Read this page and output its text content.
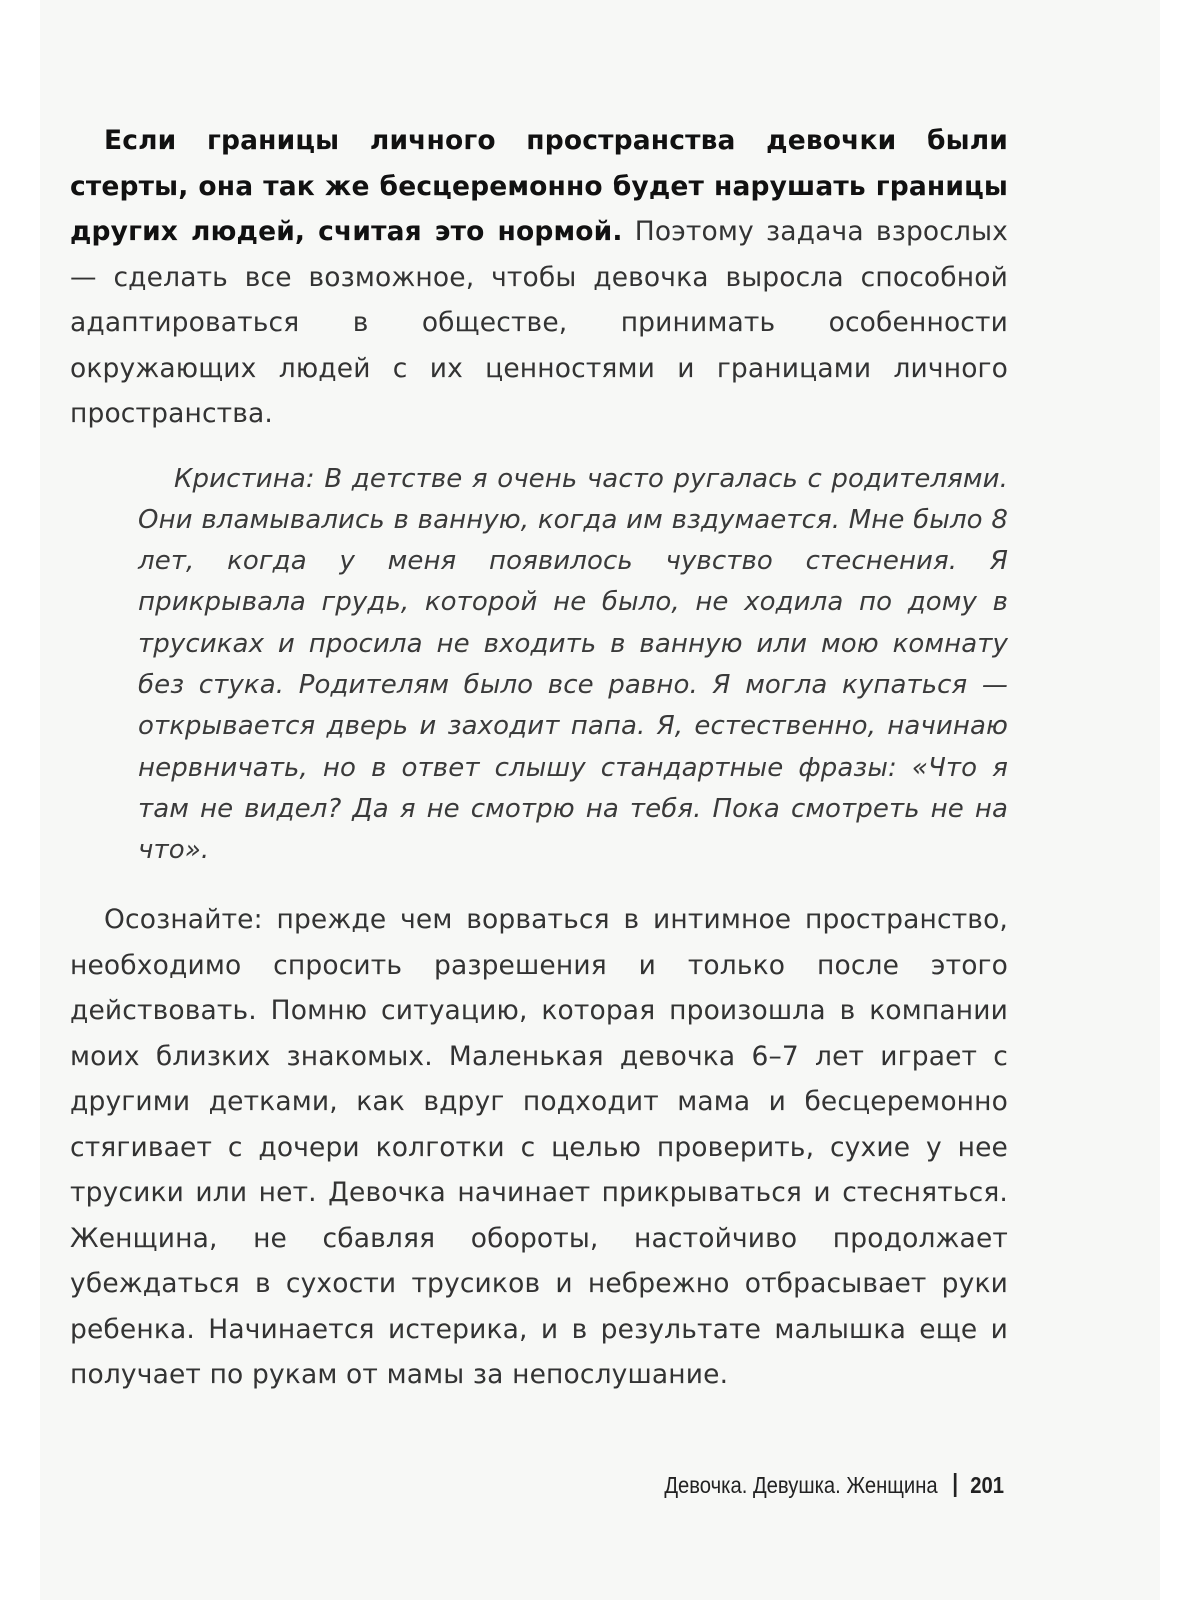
Если границы личного пространства девочки были стерты, она так же бесцеремонно будет нарушать границы других людей, считая это нормой. Поэтому задача взрослых — сделать все возможное, чтобы девочка выросла способной адаптироваться в обществе, принимать особенности окружающих людей с их ценностями и границами личного пространства.

Кристина: В детстве я очень часто ругалась с родителями. Они вламывались в ванную, когда им вздумается. Мне было 8 лет, когда у меня появилось чувство стеснения. Я прикрывала грудь, которой не было, не ходила по дому в трусиках и просила не входить в ванную или мою комнату без стука. Родителям было все равно. Я могла купаться — открывается дверь и заходит папа. Я, естественно, начинаю нервничать, но в ответ слышу стандартные фразы: «Что я там не видел? Да я не смотрю на тебя. Пока смотреть не на что».

Осознайте: прежде чем ворваться в интимное пространство, необходимо спросить разрешения и только после этого действовать. Помню ситуацию, которая произошла в компании моих близких знакомых. Маленькая девочка 6–7 лет играет с другими детками, как вдруг подходит мама и бесцеремонно стягивает с дочери колготки с целью проверить, сухие у нее трусики или нет. Девочка начинает прикрываться и стесняться. Женщина, не сбавляя обороты, настойчиво продолжает убеждаться в сухости трусиков и небрежно отбрасывает руки ребенка. Начинается истерика, и в результате малышка еще и получает по рукам от мамы за непослушание.

Девочка. Девушка. Женщина 201
